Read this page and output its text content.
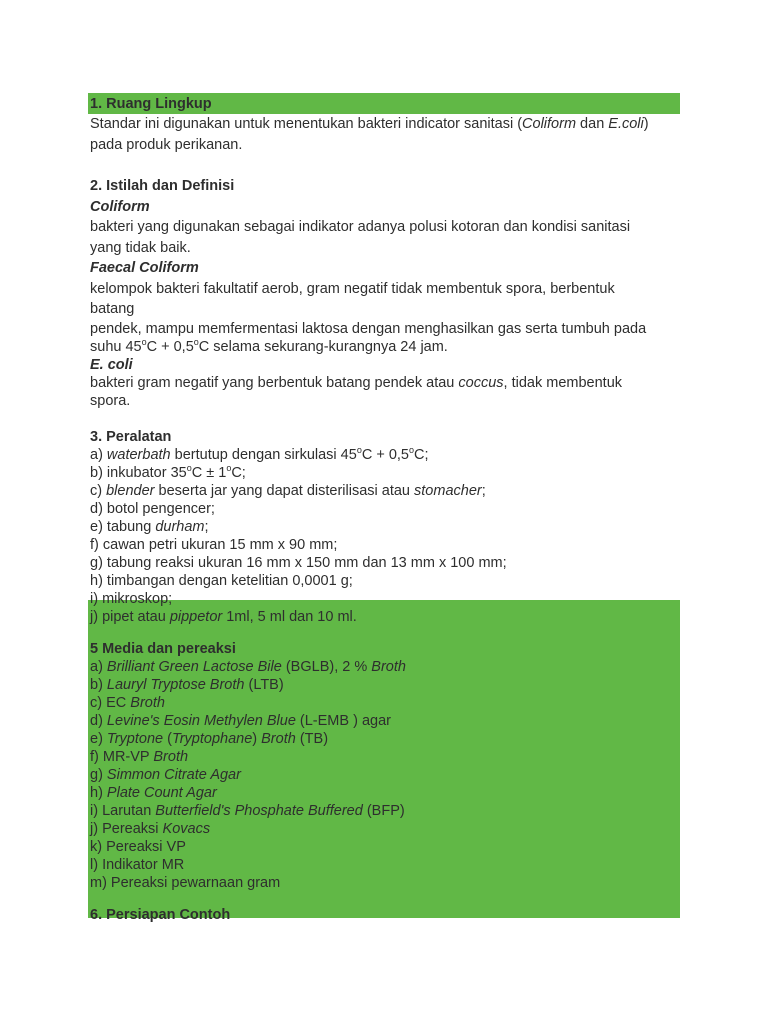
1. Ruang Lingkup
Standar ini digunakan untuk menentukan bakteri indicator sanitasi (Coliform dan E.coli)
pada produk perikanan.
2. Istilah dan Definisi
Coliform
bakteri yang digunakan sebagai indikator adanya polusi kotoran dan kondisi sanitasi
yang tidak baik.
Faecal Coliform
kelompok bakteri fakultatif aerob, gram negatif tidak membentuk spora, berbentuk
batang
pendek, mampu memfermentasi laktosa dengan menghasilkan gas serta tumbuh pada
suhu $45^oC + 0,5^oC$ selama sekurang-kurangnya 24 jam.
E. coli
bakteri gram negatif yang berbentuk batang pendek atau coccus, tidak membentuk
spora.
3. Peralatan
a) waterbath bertutup dengan sirkulasi $45^oC + 0,5^oC$;
b) inkubator $35^oC \pm 1^oC$;
c) blender beserta jar yang dapat disterilisasi atau stomacher;
d) botol pengencer;
e) tabung durham;
f) cawan petri ukuran 15 mm x 90 mm;
g) tabung reaksi ukuran 16 mm x 150 mm dan 13 mm x 100 mm;
h) timbangan dengan ketelitian 0,0001 g;
i) mikroskop;
j) pipet atau pippetor 1ml, 5 ml dan 10 ml.
5 Media dan pereaksi
a) Brilliant Green Lactose Bile (BGLB), 2 % Broth
b) Lauryl Tryptose Broth (LTB)
c) EC Broth
d) Levine's Eosin Methylen Blue (L-EMB ) agar
e) Tryptone (Tryptophane) Broth (TB)
f) MR-VP Broth
g) Simmon Citrate Agar
h) Plate Count Agar
i) Larutan Butterfield's Phosphate Buffered (BFP)
j) Pereaksi Kovacs
k) Pereaksi VP
l) Indikator MR
m) Pereaksi pewarnaan gram
6. Persiapan Contoh
